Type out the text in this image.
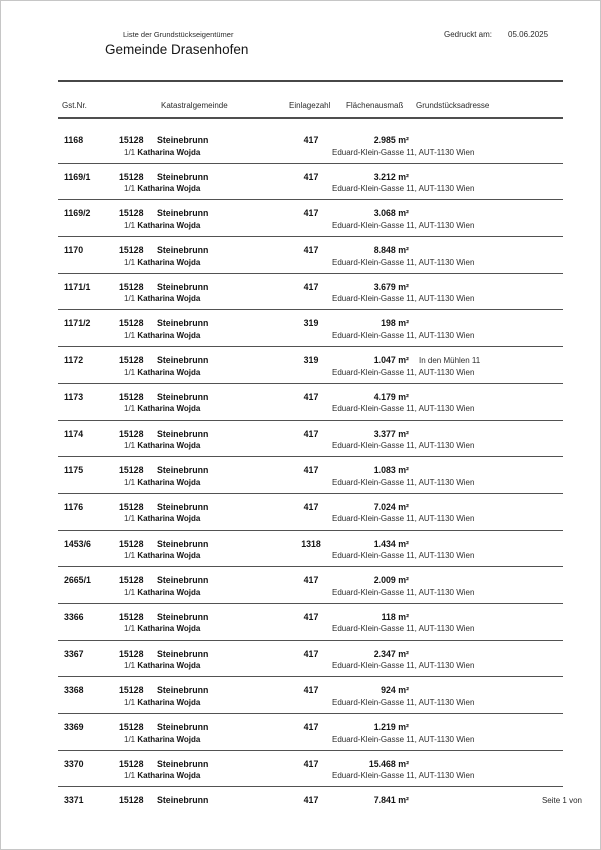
Liste der Grundstückseigentümer
Gemeinde Drasenhofen
Gedruckt am: 05.06.2025
Gst.Nr.	Katastralgemeinde	Einlagezahl Flächenausmaß Grundstücksadresse
1168	15128 Steinebrunn	417	2.985 m²
1/1 Katharina Wojda	Eduard-Klein-Gasse 11, AUT-1130 Wien
1169/1	15128 Steinebrunn	417	3.212 m²
1/1 Katharina Wojda	Eduard-Klein-Gasse 11, AUT-1130 Wien
1169/2	15128 Steinebrunn	417	3.068 m²
1/1 Katharina Wojda	Eduard-Klein-Gasse 11, AUT-1130 Wien
1170	15128 Steinebrunn	417	8.848 m²
1/1 Katharina Wojda	Eduard-Klein-Gasse 11, AUT-1130 Wien
1171/1	15128 Steinebrunn	417	3.679 m²
1/1 Katharina Wojda	Eduard-Klein-Gasse 11, AUT-1130 Wien
1171/2	15128 Steinebrunn	319	198 m²
1/1 Katharina Wojda	Eduard-Klein-Gasse 11, AUT-1130 Wien
1172	15128 Steinebrunn	319	1.047 m² In den Mühlen 11
1/1 Katharina Wojda	Eduard-Klein-Gasse 11, AUT-1130 Wien
1173	15128 Steinebrunn	417	4.179 m²
1/1 Katharina Wojda	Eduard-Klein-Gasse 11, AUT-1130 Wien
1174	15128 Steinebrunn	417	3.377 m²
1/1 Katharina Wojda	Eduard-Klein-Gasse 11, AUT-1130 Wien
1175	15128 Steinebrunn	417	1.083 m²
1/1 Katharina Wojda	Eduard-Klein-Gasse 11, AUT-1130 Wien
1176	15128 Steinebrunn	417	7.024 m²
1/1 Katharina Wojda	Eduard-Klein-Gasse 11, AUT-1130 Wien
1453/6	15128 Steinebrunn	1318	1.434 m²
1/1 Katharina Wojda	Eduard-Klein-Gasse 11, AUT-1130 Wien
2665/1	15128 Steinebrunn	417	2.009 m²
1/1 Katharina Wojda	Eduard-Klein-Gasse 11, AUT-1130 Wien
3366	15128 Steinebrunn	417	118 m²
1/1 Katharina Wojda	Eduard-Klein-Gasse 11, AUT-1130 Wien
3367	15128 Steinebrunn	417	2.347 m²
1/1 Katharina Wojda	Eduard-Klein-Gasse 11, AUT-1130 Wien
3368	15128 Steinebrunn	417	924 m²
1/1 Katharina Wojda	Eduard-Klein-Gasse 11, AUT-1130 Wien
3369	15128 Steinebrunn	417	1.219 m²
1/1 Katharina Wojda	Eduard-Klein-Gasse 11, AUT-1130 Wien
3370	15128 Steinebrunn	417	15.468 m²
1/1 Katharina Wojda	Eduard-Klein-Gasse 11, AUT-1130 Wien
3371	15128 Steinebrunn	417	7.841 m²	Seite 1 von
